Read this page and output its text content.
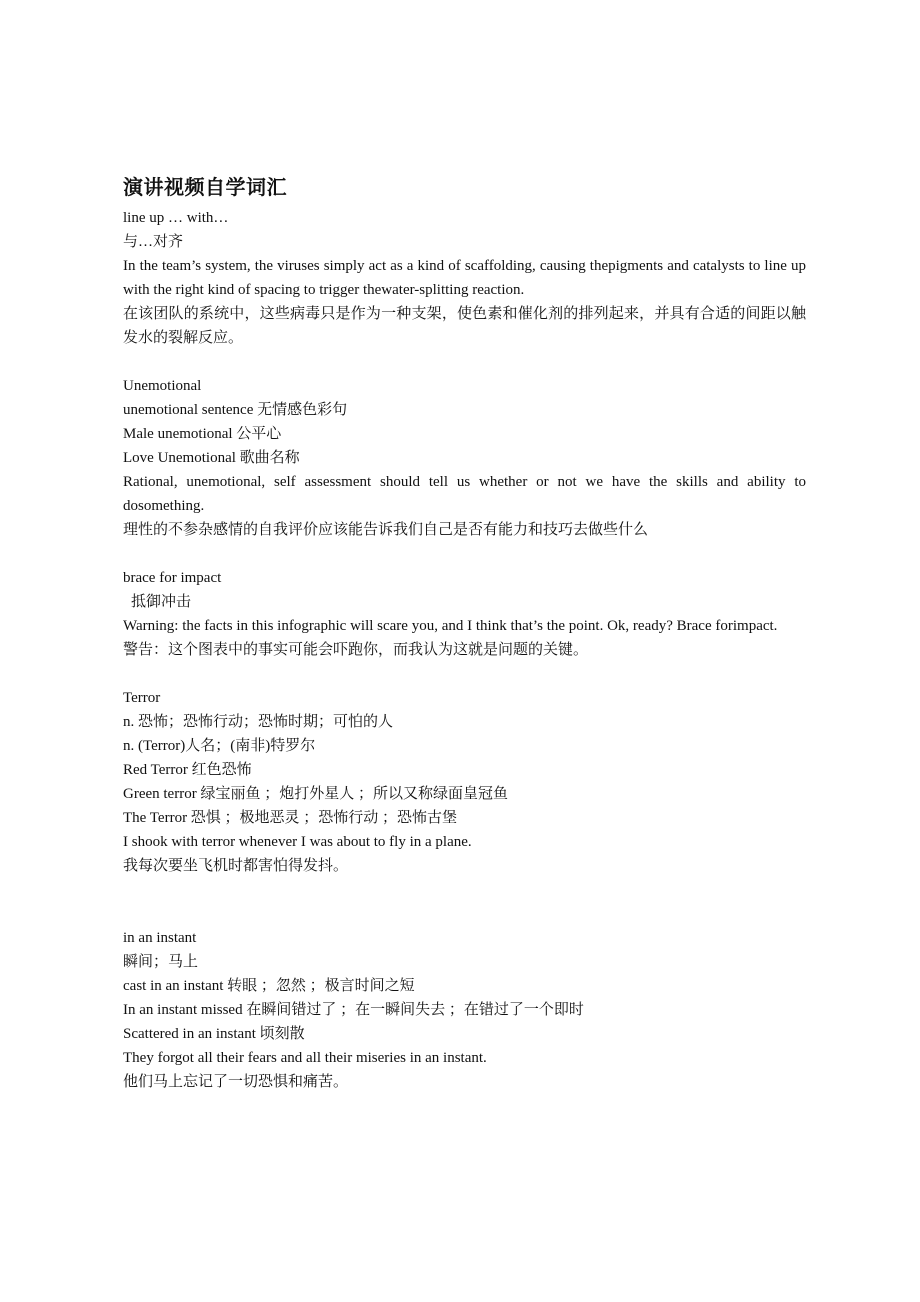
演讲视频自学词汇

line up … with…

与…对齐

In the team’s system, the viruses simply act as a kind of scaffolding, causing thepigments and catalysts to line up with the right kind of spacing to trigger thewater-splitting reaction.

在该团队的系统中，这些病毒只是作为一种支架，使色素和催化剂的排列起来，并具有合适的间距以触发水的裂解反应。

Unemotional

unemotional sentence 无情感色彩句

Male unemotional 公平心

Love Unemotional 歌曲名称

Rational, unemotional, self assessment should tell us whether or not we have the skills and ability to dosomething.

理性的不参杂感情的自我评价应该能告诉我们自己是否有能力和技巧去做些什么

brace for impact

抵御冲击

Warning: the facts in this infographic will scare you, and I think that’s the point. Ok, ready? Brace forimpact.

警告：这个图表中的事实可能会吓跑你，而我认为这就是问题的关键。

Terror

n. 恐怖；恐怖行动；恐怖时期；可怕的人

n. (Terror)人名；(南非)特罗尔

Red Terror 红色恐怖

Green terror 绿宝丽鱼 ；炮打外星人 ；所以又称绿面皇冠鱼

The Terror 恐惧 ；极地恶灵 ；恐怖行动 ；恐怖古堡

I shook with terror whenever I was about to fly in a plane.

我每次要坐飞机时都害怕得发抖。

in an instant

瞬间；马上

cast in an instant 转眼 ；忽然 ；极言时间之短

In an instant missed 在瞬间错过了 ；在一瞬间失去 ；在错过了一个即时

Scattered in an instant 顷刻散

They forgot all their fears and all their miseries in an instant.

他们马上忘记了一切恐惧和痛苦。
